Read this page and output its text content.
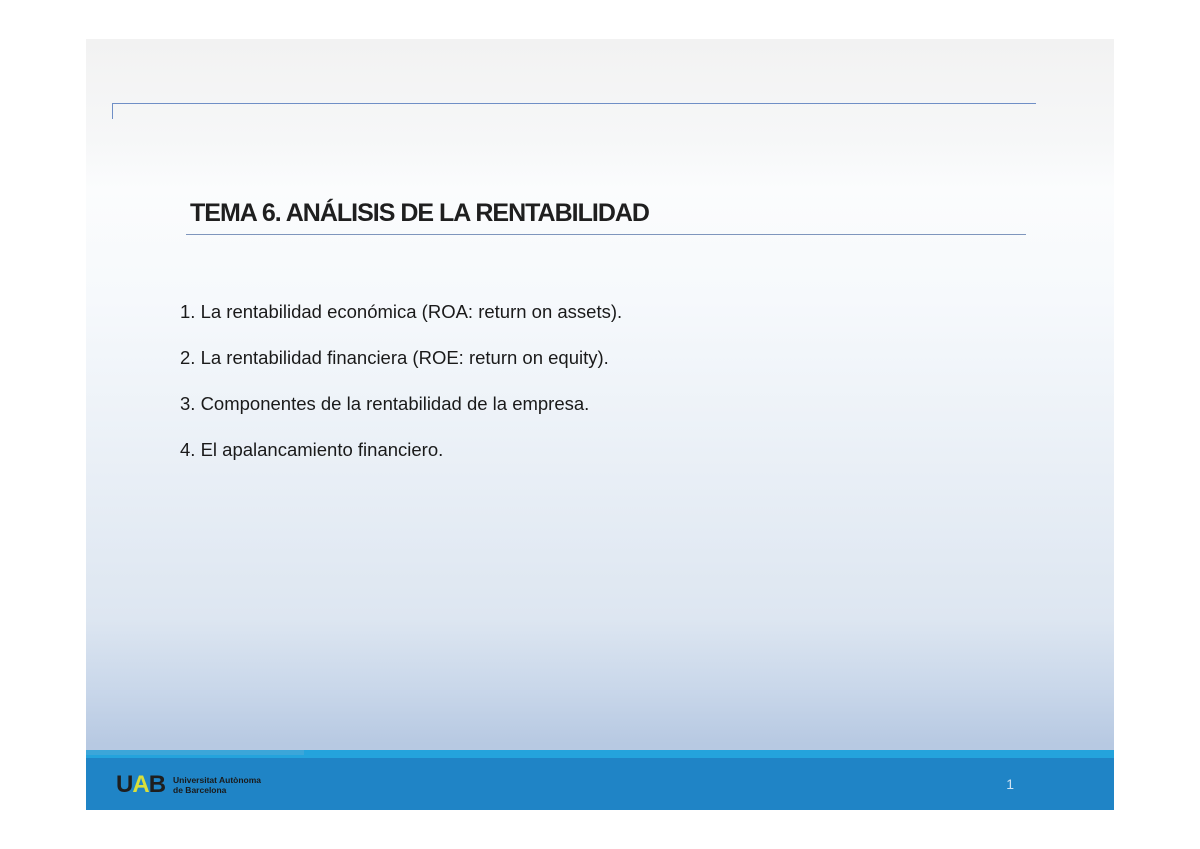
TEMA 6. ANÁLISIS DE LA RENTABILIDAD
1. La rentabilidad económica (ROA: return on assets).
2. La rentabilidad financiera (ROE: return on equity).
3. Componentes de la rentabilidad de la empresa.
4. El apalancamiento financiero.
U A B Universitat Autònoma
de Barcelona	1
